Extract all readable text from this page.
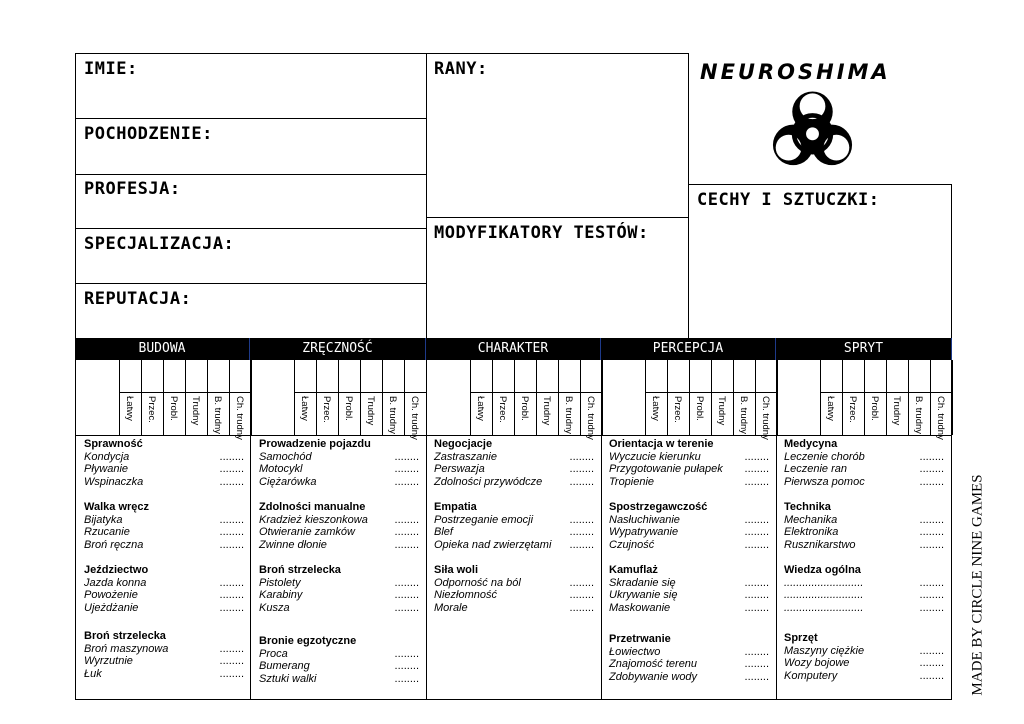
IMIE:
POCHODZENIE:
PROFESJA:
SPECJALIZACJA:
REPUTACJA:
RANY:
MODYFIKATORY TESTÓW:
CECHY I SZTUCZKI:
NEUROSHIMA
BUDOWA	ZRĘCZNOŚĆ	CHARAKTER	PERCEPCJA	SPRYT
Łatwy Przec. Probl. Trudny B. trudny Ch. trudny	Łatwy Przec. Probl. Trudny B. trudny Ch. trudny	Łatwy Przec. Probl. Trudny B. trudny Ch. trudny	Łatwy Przec. Probl. Trudny B. trudny Ch. trudny	Łatwy Przec. Probl. Trudny B. trudny Ch. trudny
Sprawność
Kondycja	........
Pływanie	........
Wspinaczka	........
Walka wręcz
Bijatyka	........
Rzucanie	........
Broń ręczna	........
Jeździectwo
Jazda konna	........
Powożenie	........
Ujeżdżanie	........
Broń strzelecka
Broń maszynowa	........
Wyrzutnie	........
Łuk	........
Prowadzenie pojazdu
Samochód	........
Motocykl	........
Ciężarówka	........
Zdolności manualne
Kradzież kieszonkowa ........
Otwieranie zamków	........
Zwinne dłonie	........
Broń strzelecka
Pistolety	........
Karabiny	........
Kusza	........
Bronie egzotyczne
Proca	........
Bumerang	........
Sztuki walki	........
Negocjacje
Zastraszanie	........
Perswazja	........
Zdolności przywódcze ........
Empatia
Postrzeganie emocji	........
Blef	........
Opieka nad zwierzętami ........
Siła woli
Odporność na ból	........
Niezłomność	........
Morale	........
Orientacja w terenie
Wyczucie kierunku	........
Przygotowanie pułapek ........
Tropienie	........
Spostrzegawczość
Nasłuchiwanie	........
Wypatrywanie	........
Czujność	........
Kamuflaż
Skradanie się	........
Ukrywanie się	........
Maskowanie	........
Przetrwanie
Łowiectwo	........
Znajomość terenu	........
Zdobywanie wody	........
Medycyna
Leczenie chorób	........
Leczenie ran	........
Pierwsza pomoc	........
Technika
Mechanika	........
Elektronika	........
Rusznikarstwo	........
Wiedza ogólna
..........................	........
..........................	........
..........................	........
Sprzęt
Maszyny ciężkie	........
Wozy bojowe	........
Komputery	........ MADE BY CIRCLE NINE GAMES
